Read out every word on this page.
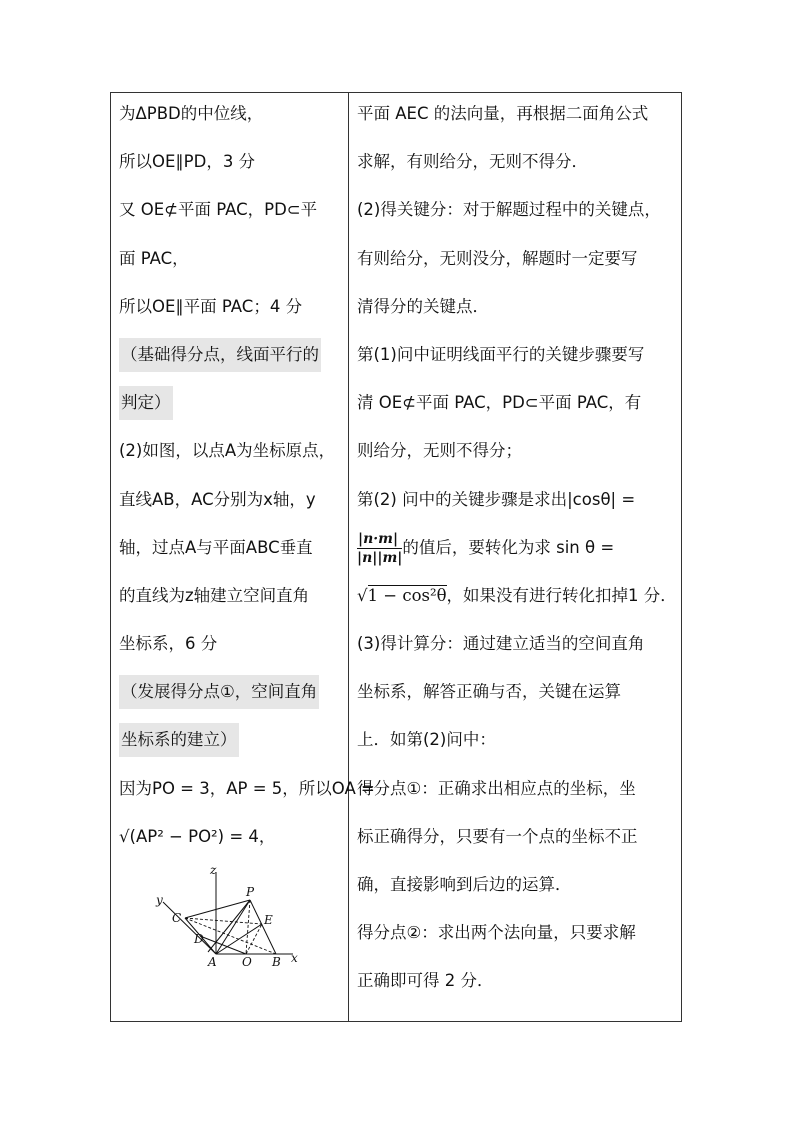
为ΔPBD的中位线，
所以OE∥PD，3 分
又 OE⊄平面 PAC，PD⊂平
面 PAC，
所以OE∥平面 PAC；4 分
（基础得分点，线面平行的
判定）
(2)如图，以点A为坐标原点，
直线AB，AC分别为x轴，y
轴，过点A与平面ABC垂直
的直线为z轴建立空间直角
坐标系，6 分
（发展得分点①，空间直角
坐标系的建立）
因为PO = 3，AP = 5，所以OA =
√(AP² − PO²) = 4，
平面 AEC 的法向量，再根据二面角公式
求解，有则给分，无则不得分．
(2)得关键分：对于解题过程中的关键点，
有则给分，无则没分，解题时一定要写
清得分的关键点．
第(1)问中证明线面平行的关键步骤要写
清 OE⊄平面 PAC，PD⊂平面 PAC，有
则给分，无则不得分；
第(2) 问中的关键步骤是求出|cosθ| =
$\frac{|n\cdot m|}{|n||m|}$ 的值后，要转化为求 sin θ =
√1 − cos²θ，如果没有进行转化扣掉1 分．
(3)得计算分：通过建立适当的空间直角
坐标系，解答正确与否，关键在运算
上．如第(2)问中：
得分点①：正确求出相应点的坐标，坐
标正确得分，只要有一个点的坐标不正
确，直接影响到后边的运算．
得分点②：求出两个法向量，只要求解
正确即可得 2 分．
z
y
x
P
C	E
D
A O B
